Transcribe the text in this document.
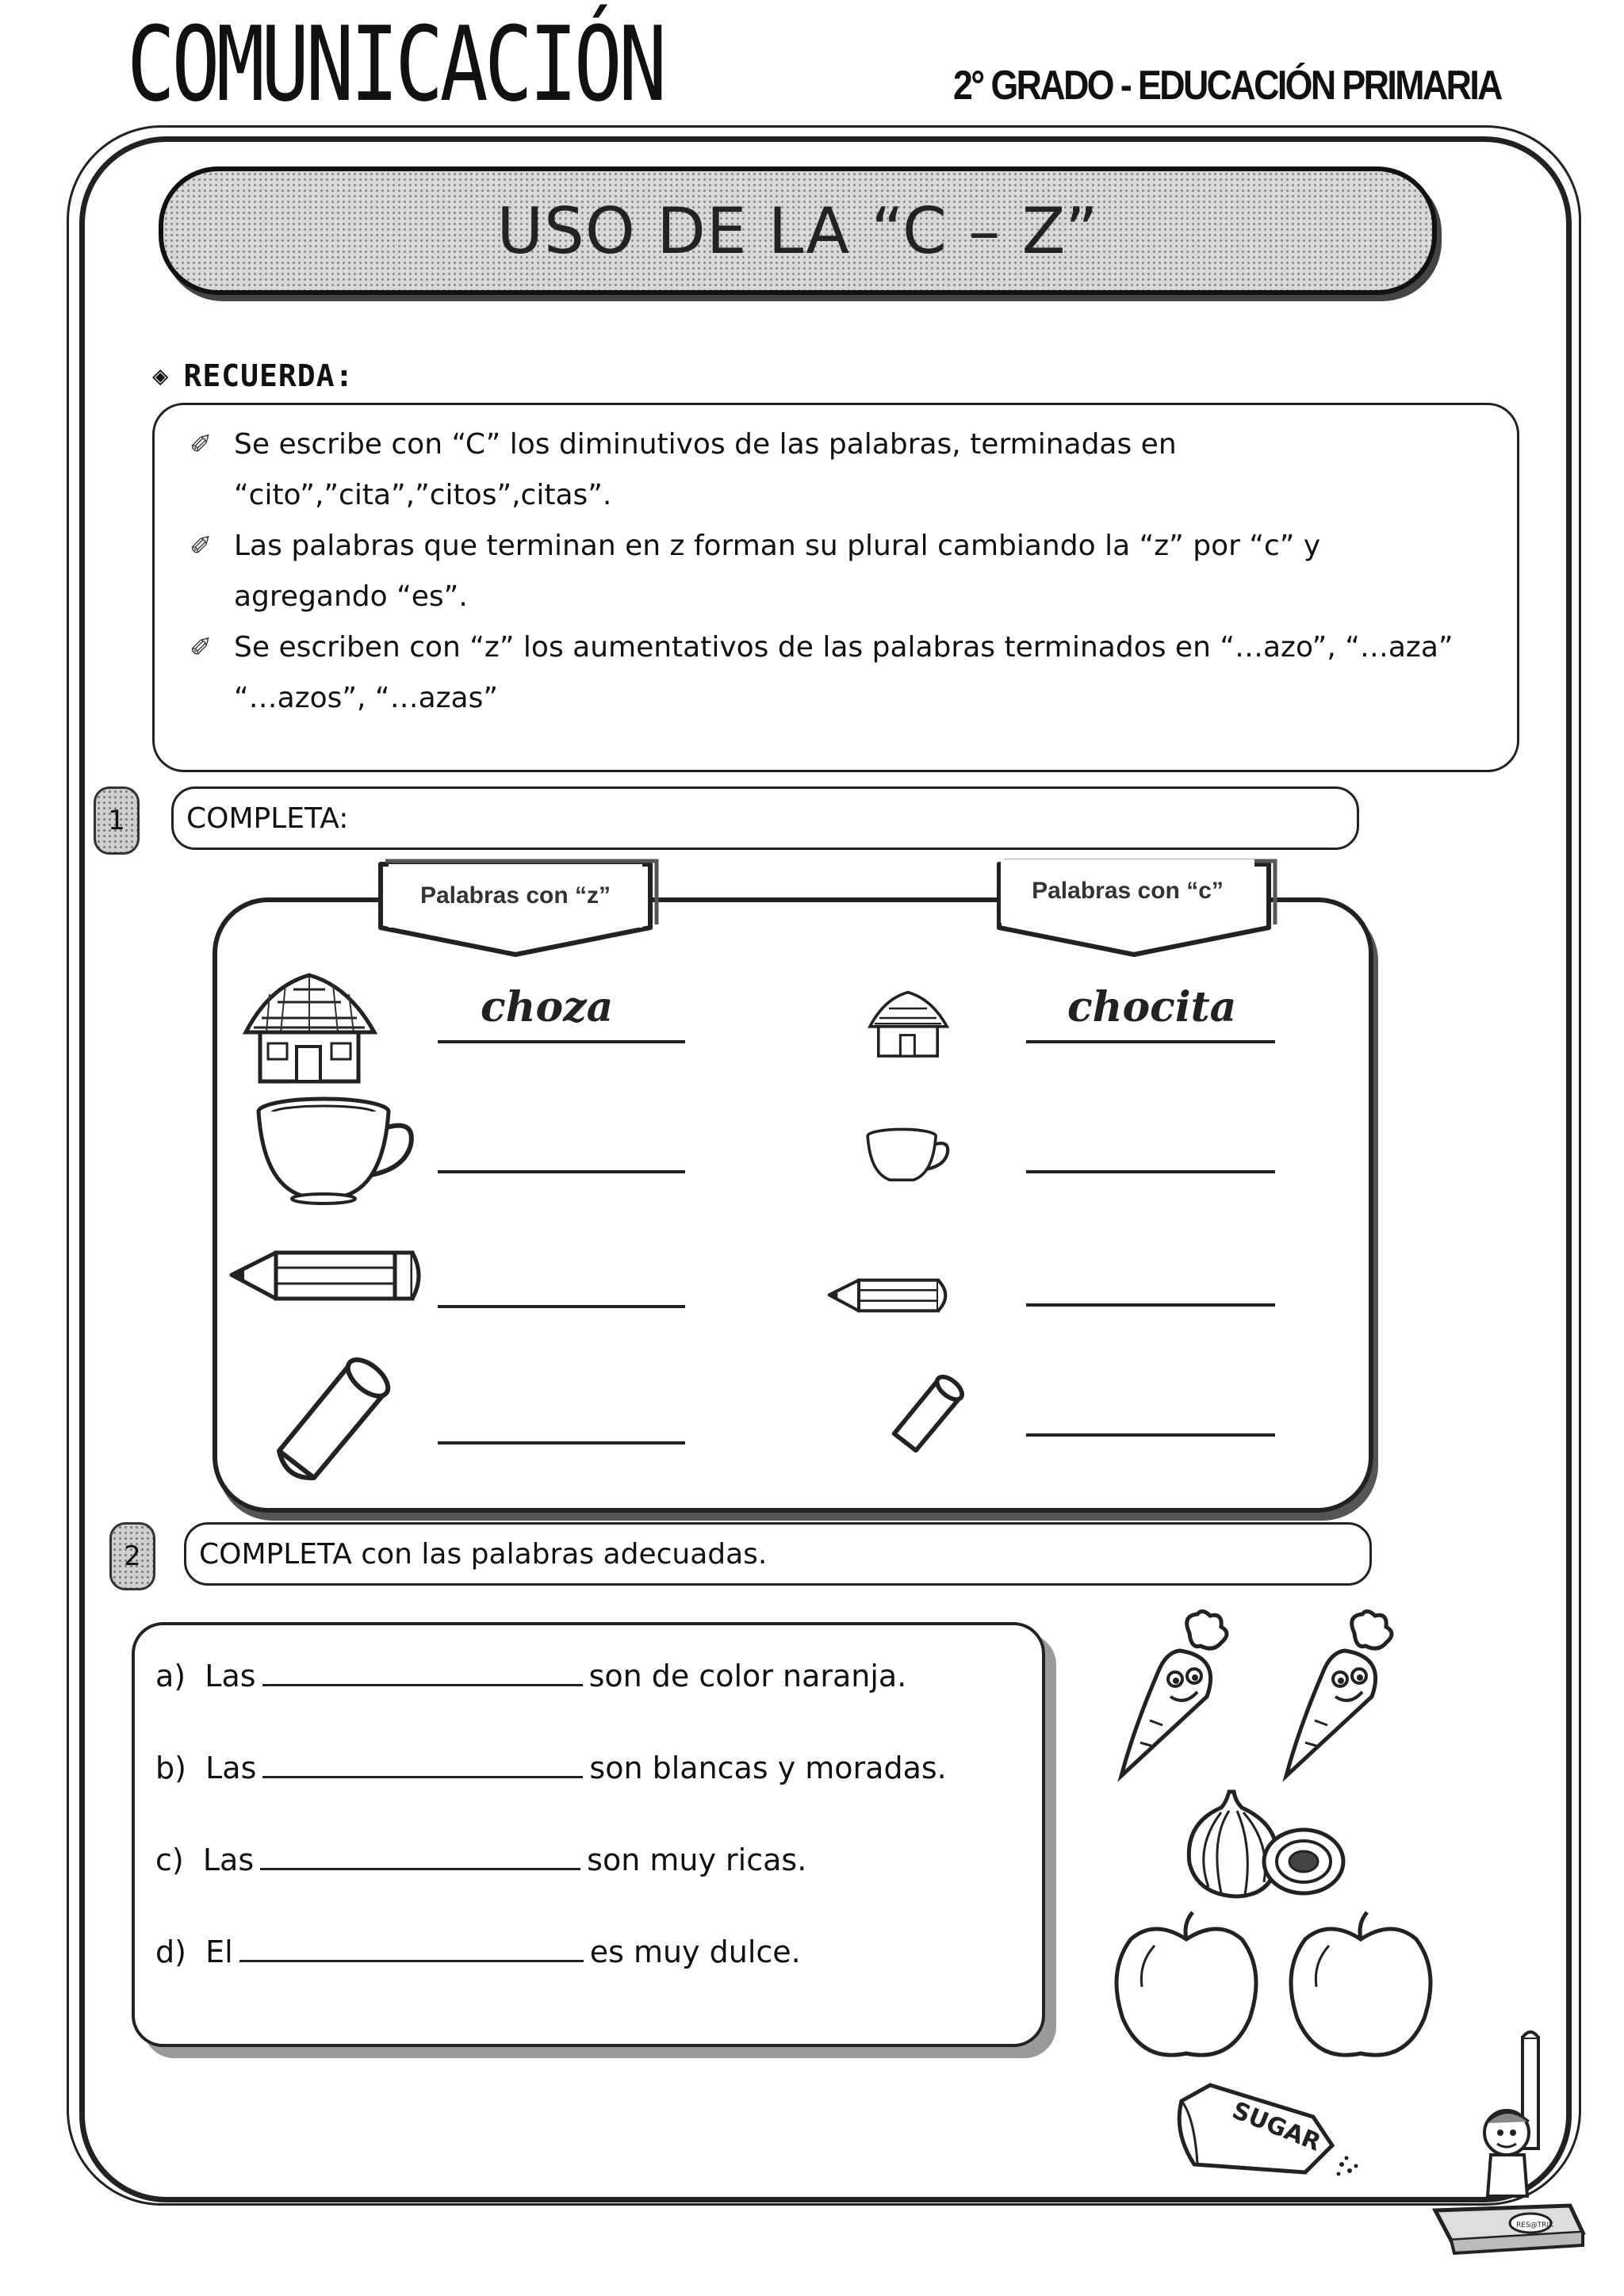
COMUNICACIÓN	2° GRADO - EDUCACIÓN PRIMARIA
USO DE LA “C – Z”
◈ RECUERDA:
✐ Se escribe con “C” los diminutivos de las palabras, terminadas en
“cito”,”cita”,”citos”,citas”.
✐ Las palabras que terminan en z forman su plural cambiando la “z” por “c” y
agregando “es”.
✐ Se escriben con “z” los aumentativos de las palabras terminados en “…azo”, “…aza”
“…azos”, “…azas”
1	COMPLETA:
Palabras con “z”	Palabras con “c”
choza	chocita
2	COMPLETA con las palabras adecuadas.
a) Las	son de color naranja.
b) Las	son blancas y moradas.
c) Las	son muy ricas.
d) El	es muy dulce.
SUGAR
RES@TRIX
